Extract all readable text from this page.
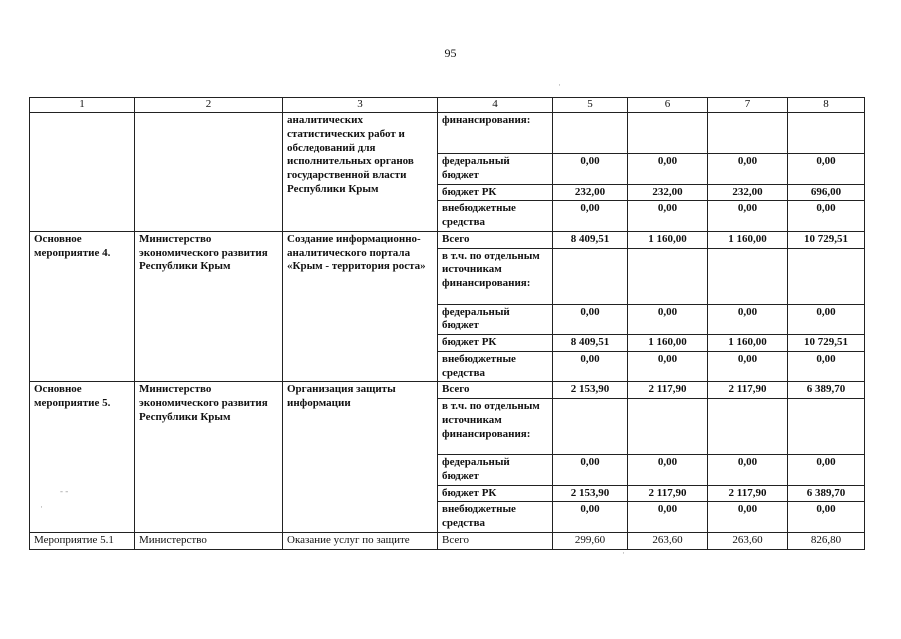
95
1	2	3	4	5	6	7	8
		аналитических статистических работ и обследований для исполнительных органов государственной власти Республики Крым	финансирования:				
			федеральный бюджет	0,00	0,00	0,00	0,00
			бюджет РК	232,00	232,00	232,00	696,00
			внебюджетные средства	0,00	0,00	0,00	0,00
Основное мероприятие 4.	Министерство экономического развития Республики Крым	Создание информационно-аналитического портала «Крым - территория роста»	Всего	8 409,51	1 160,00	1 160,00	10 729,51
			в т.ч. по отдельным источникам финансирования:				
			федеральный бюджет	0,00	0,00	0,00	0,00
			бюджет РК	8 409,51	1 160,00	1 160,00	10 729,51
			внебюджетные средства	0,00	0,00	0,00	0,00
Основное мероприятие 5.	Министерство экономического развития Республики Крым	Организация защиты информации	Всего	2 153,90	2 117,90	2 117,90	6 389,70
			в т.ч. по отдельным источникам финансирования:				
			федеральный бюджет	0,00	0,00	0,00	0,00
			бюджет РК	2 153,90	2 117,90	2 117,90	6 389,70
			внебюджетные средства	0,00	0,00	0,00	0,00
Мероприятие 5.1	Министерство	Оказание услуг по защите	Всего	299,60	263,60	263,60	826,80
·
- -
·
·
